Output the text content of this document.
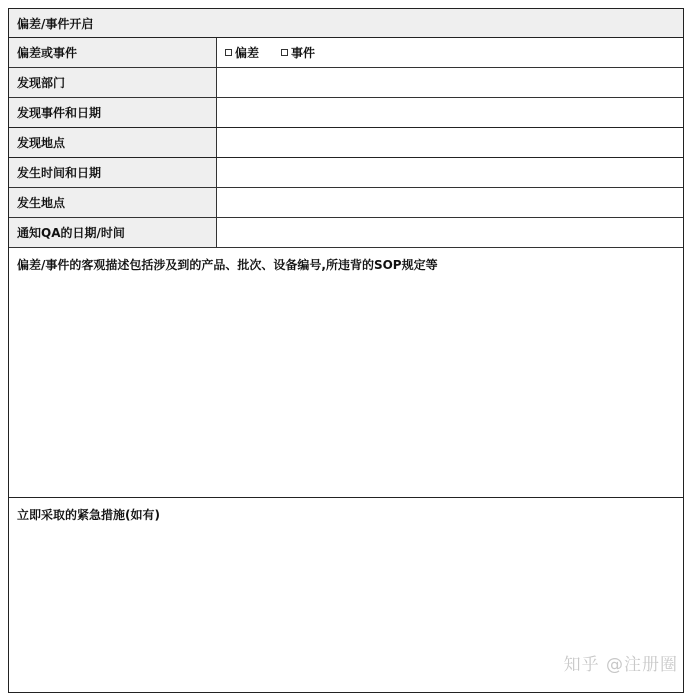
偏差/事件开启
偏差或事件	偏差	事件
发现部门
发现事件和日期
发现地点
发生时间和日期
发生地点
通知QA的日期/时间
偏差/事件的客观描述包括涉及到的产品、批次、设备编号,所违背的SOP规定等
立即采取的紧急措施(如有)
知乎 @注册圈
